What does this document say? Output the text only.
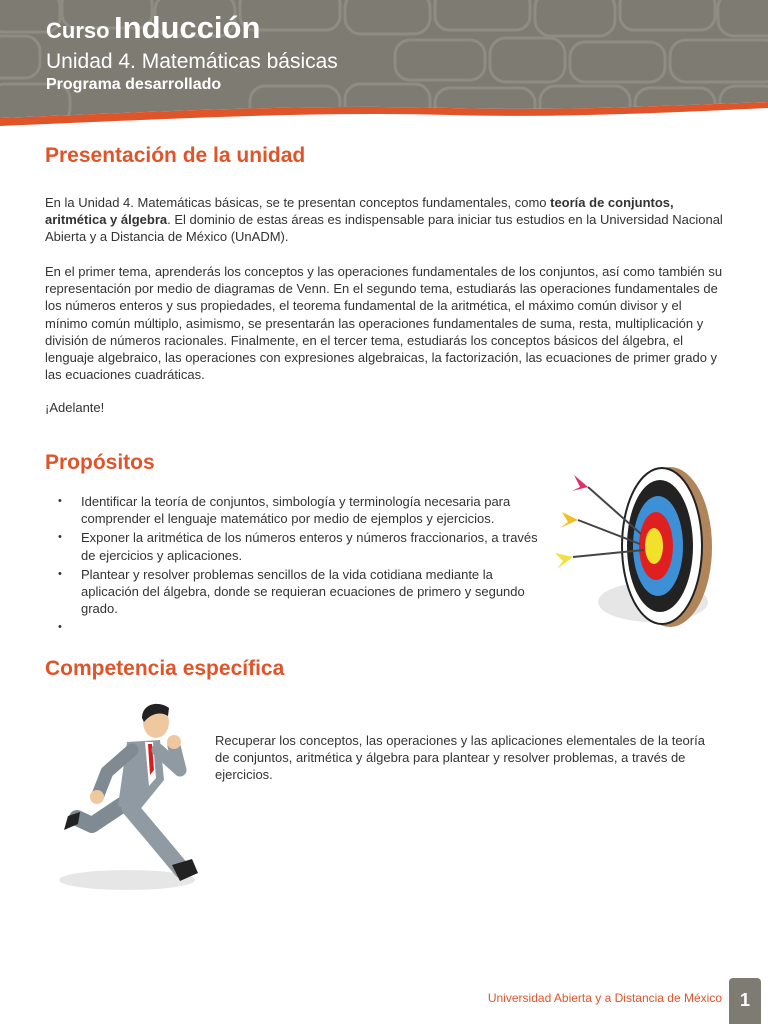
Curso Inducción
Unidad 4. Matemáticas básicas
Programa desarrollado
Presentación de la unidad

En la Unidad 4. Matemáticas básicas, se te presentan conceptos fundamentales, como teoría de conjuntos, aritmética y álgebra. El dominio de estas áreas es indispensable para iniciar tus estudios en la Universidad Nacional Abierta y a Distancia de México (UnADM).

En el primer tema, aprenderás los conceptos y las operaciones fundamentales de los conjuntos, así como también su representación por medio de diagramas de Venn. En el segundo tema, estudiarás las operaciones fundamentales de los números enteros y sus propiedades, el teorema fundamental de la aritmética, el máximo común divisor y el mínimo común múltiplo, asimismo, se presentarán las operaciones fundamentales de suma, resta, multiplicación y división de números racionales. Finalmente, en el tercer tema, estudiarás los conceptos básicos del álgebra, el lenguaje algebraico, las operaciones con expresiones algebraicas, la factorización, las ecuaciones de primer grado y las ecuaciones cuadráticas.

¡Adelante!

Propósitos
• Identificar la teoría de conjuntos, simbología y terminología necesaria para comprender el lenguaje matemático por medio de ejemplos y ejercicios.
• Exponer la aritmética de los números enteros y números fraccionarios, a través de ejercicios y aplicaciones.
• Plantear y resolver problemas sencillos de la vida cotidiana mediante la aplicación del álgebra, donde se requieran ecuaciones de primero y segundo grado.
•
Competencia específica

Recuperar los conceptos, las operaciones y las aplicaciones elementales de la teoría de conjuntos, aritmética y álgebra para plantear y resolver problemas, a través de ejercicios.

Universidad Abierta y a Distancia de México 1
